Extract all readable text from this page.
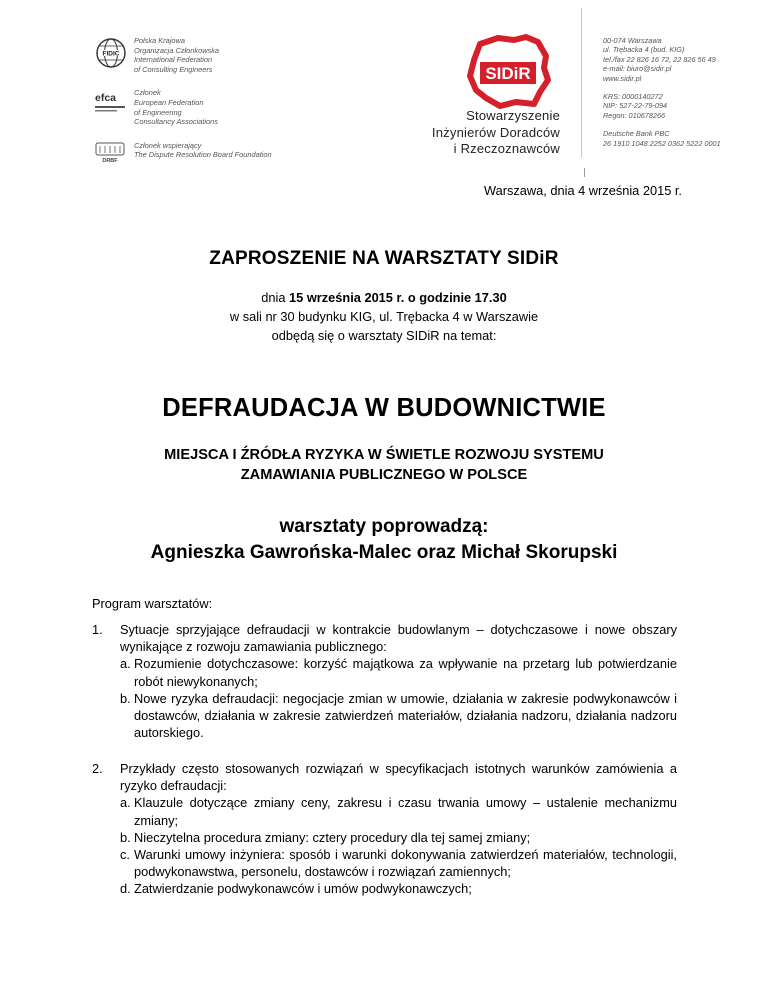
FIDIC
Polska Krajowa
Organizacja Członkowska
International Federation
of Consulting Engineers
efca Członek
European Federation
of Engineering
Consultancy Associations
DRBF
Członek wspierający
The Dispute Resolution Board Foundation
SIDiR
Stowarzyszenie
Inżynierów Doradców
i Rzeczoznawców
00-074 Warszawa
ul. Trębacka 4 (bud. KIG)
tel./fax 22 826 16 72, 22 826 56 49
e-mail: biuro@sidir.pl
www.sidir.pl
KRS: 0000140272
NIP: 527-22-79-094
Regon: 010678266
Deutsche Bank PBC
26 1910 1048 2252 0362 5222 0001
Warszawa, dnia 4 września 2015 r.
ZAPROSZENIE NA WARSZTATY SIDiR
dnia 15 września 2015 r. o godzinie 17.30
w sali nr 30 budynku KIG, ul. Trębacka 4 w Warszawie
odbędą się o warsztaty SIDiR na temat:
DEFRAUDACJA W BUDOWNICTWIE
MIEJSCA I ŹRÓDŁA RYZYKA W ŚWIETLE ROZWOJU SYSTEMU
ZAMAWIANIA PUBLICZNEGO W POLSCE
warsztaty poprowadzą:
Agnieszka Gawrońska-Malec oraz Michał Skorupski
Program warsztatów:
1. Sytuacje sprzyjające defraudacji w kontrakcie budowlanym – dotychczasowe i nowe obszary wynikające z rozwoju zamawiania publicznego:
a. Rozumienie dotychczasowe: korzyść majątkowa za wpływanie na przetarg lub potwierdzanie robót niewykonanych;
b. Nowe ryzyka defraudacji: negocjacje zmian w umowie, działania w zakresie podwykonawców i dostawców, działania w zakresie zatwierdzeń materiałów, działania nadzoru, działania nadzoru autorskiego.
2. Przykłady często stosowanych rozwiązań w specyfikacjach istotnych warunków zamówienia a ryzyko defraudacji:
a. Klauzule dotyczące zmiany ceny, zakresu i czasu trwania umowy – ustalenie mechanizmu zmiany;
b. Nieczytelna procedura zmiany: cztery procedury dla tej samej zmiany;
c. Warunki umowy inżyniera: sposób i warunki dokonywania zatwierdzeń materiałów, technologii, podwykonawstwa, personelu, dostawców i rozwiązań zamiennych;
d. Zatwierdzanie podwykonawców i umów podwykonawczych;
